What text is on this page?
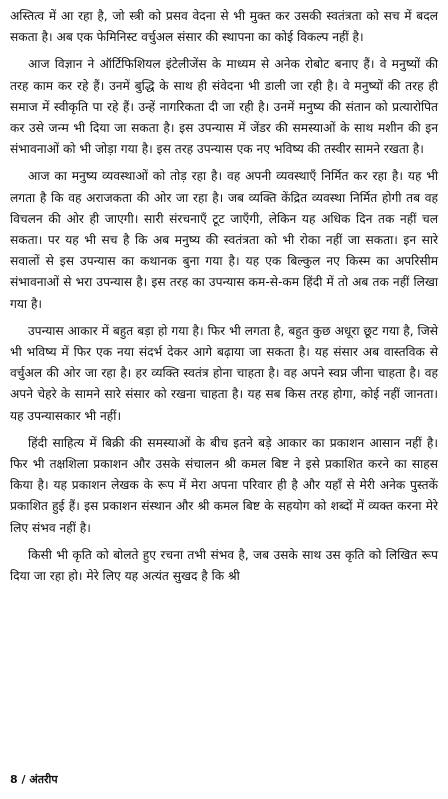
अस्तित्व में आ रहा है, जो स्त्री को प्रसव वेदना से भी मुक्त कर उसकी स्वतंत्रता को सच में बदल सकता है। अब एक फेमिनिस्ट वर्चुअल संसार की स्थापना का कोई विकल्प नहीं है।

आज विज्ञान ने ऑर्टिफिशियल इंटेलीजेंस के माध्यम से अनेक रोबोट बनाए हैं। वे मनुष्यों की तरह काम कर रहे हैं। उनमें बुद्धि के साथ ही संवेदना भी डाली जा रही है। वे मनुष्यों की तरह ही समाज में स्वीकृति पा रहे हैं। उन्हें नागरिकता दी जा रही है। उनमें मनुष्य की संतान को प्रत्यारोपित कर उसे जन्म भी दिया जा सकता है। इस उपन्यास में जेंडर की समस्याओं के साथ मशीन की इन संभावनाओं को भी जोड़ा गया है। इस तरह उपन्यास एक नए भविष्य की तस्वीर सामने रखता है।

आज का मनुष्य व्यवस्थाओं को तोड़ रहा है। वह अपनी व्यवस्थाएँ निर्मित कर रहा है। यह भी लगता है कि वह अराजकता की ओर जा रहा है। जब व्यक्ति केंद्रित व्यवस्था निर्मित होगी तब वह विचलन की ओर ही जाएगी। सारी संरचनाएँ टूट जाएँगी, लेकिन यह अधिक दिन तक नहीं चल सकता। पर यह भी सच है कि अब मनुष्य की स्वतंत्रता को भी रोका नहीं जा सकता। इन सारे सवालों से इस उपन्यास का कथानक बुना गया है। यह एक बिल्कुल नए किस्म का अपरिसीम संभावनाओं से भरा उपन्यास है। इस तरह का उपन्यास कम-से-कम हिंदी में तो अब तक नहीं लिखा गया है।

उपन्यास आकार में बहुत बड़ा हो गया है। फिर भी लगता है, बहुत कुछ अधूरा छूट गया है, जिसे भी भविष्य में फिर एक नया संदर्भ देकर आगे बढ़ाया जा सकता है। यह संसार अब वास्तविक से वर्चुअल की ओर जा रहा है। हर व्यक्ति स्वतंत्र होना चाहता है। वह अपने स्वप्न जीना चाहता है। वह अपने चेहरे के सामने सारे संसार को रखना चाहता है। यह सब किस तरह होगा, कोई नहीं जानता। यह उपन्यासकार भी नहीं।

हिंदी साहित्य में बिक्री की समस्याओं के बीच इतने बड़े आकार का प्रकाशन आसान नहीं है। फिर भी तक्षशिला प्रकाशन और उसके संचालन श्री कमल बिष्ट ने इसे प्रकाशित करने का साहस किया है। यह प्रकाशन लेखक के रूप में मेरा अपना परिवार ही है और यहाँ से मेरी अनेक पुस्तकें प्रकाशित हुई हैं। इस प्रकाशन संस्थान और श्री कमल बिष्ट के सहयोग को शब्दों में व्यक्त करना मेरे लिए संभव नहीं है।

किसी भी कृति को बोलते हुए रचना तभी संभव है, जब उसके साथ उस कृति को लिखित रूप दिया जा रहा हो। मेरे लिए यह अत्यंत सुखद है कि श्री

8 / अंतरीप
